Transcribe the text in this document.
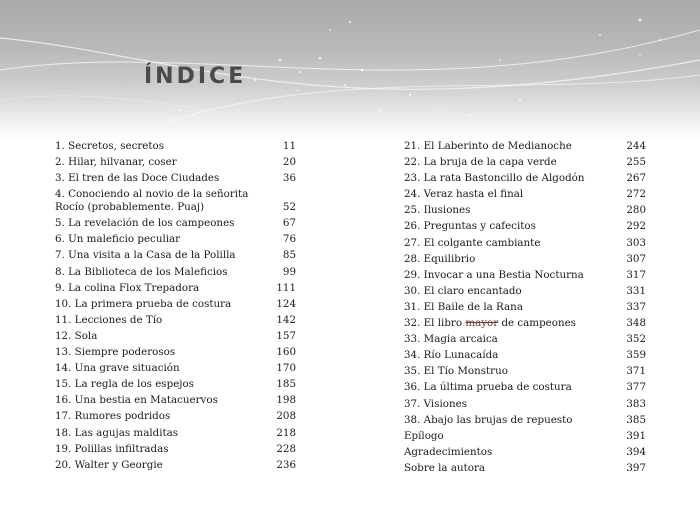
ÍNDICE
1. Secretos, secretos	11
2. Hilar, hilvanar, coser	20
3. El tren de las Doce Ciudades	36
4. Conociendo al novio de la señorita Rocío (probablemente. Puaj)	52
5. La revelación de los campeones	67
6. Un maleficio peculiar	76
7. Una visita a la Casa de la Polilla	85
8. La Biblioteca de los Maleficios	99
9. La colina Flox Trepadora	111
10. La primera prueba de costura	124
11. Lecciones de Tío	142
12. Sola	157
13. Siempre poderosos	160
14. Una grave situación	170
15. La regla de los espejos	185
16. Una bestia en Matacuervos	198
17. Rumores podridos	208
18. Las agujas malditas	218
19. Polillas infiltradas	228
20. Walter y Georgie	236
21. El Laberinto de Medianoche	244
22. La bruja de la capa verde	255
23. La rata Bastoncillo de Algodón	267
24. Veraz hasta el final	272
25. Ilusiones	280
26. Preguntas y cafecitos	292
27. El colgante cambiante	303
28. Equilibrio	307
29. Invocar a una Bestia Nocturna	317
30. El claro encantado	331
31. El Baile de la Rana	337
32. El libro mayor de campeones	348
33. Magia arcaica	352
34. Río Lunacaída	359
35. El Tío Monstruo	371
36. La última prueba de costura	377
37. Visiones	383
38. Abajo las brujas de repuesto	385
Epílogo	391
Agradecimientos	394
Sobre la autora	397
